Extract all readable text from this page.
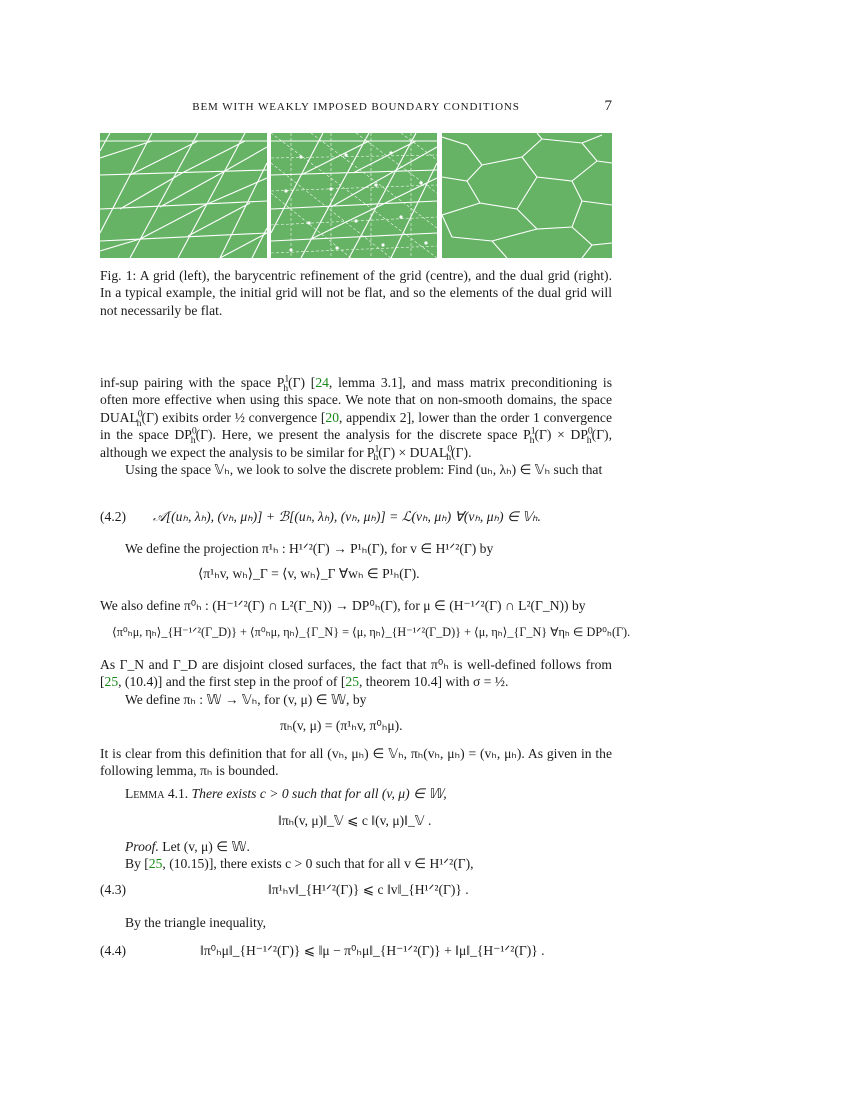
BEM WITH WEAKLY IMPOSED BOUNDARY CONDITIONS	7
Fig. 1: A grid (left), the barycentric refinement of the grid (centre), and the dual grid (right). In a typical example, the initial grid will not be flat, and so the elements of the dual grid will not necessarily be flat.

inf-sup pairing with the space $P^1_h(\Gamma)$ [24, lemma 3.1], and mass matrix preconditioning is often more effective when using this space. We note that on non-smooth domains, the space $DUAL^0_h(\Gamma)$ exibits order ½ convergence [20, appendix 2], lower than the order 1 convergence in the space $DP^0_h(\Gamma)$. Here, we present the analysis for the discrete space $P^1_h(\Gamma) \times DP^0_h(\Gamma)$, although we expect the analysis to be similar for $P^1_h(\Gamma)$ × $DUAL^0_h(\Gamma)$.

Using the space 𝕍ₕ, we look to solve the discrete problem: Find (uₕ, λₕ) ∈ 𝕍ₕ such that

(4.2) 𝒜[(uₕ, λₕ), (vₕ, μₕ)] + ℬ[(uₕ, λₕ), (vₕ, μₕ)] = ℒ(vₕ, μₕ) ∀(vₕ, μₕ) ∈ 𝕍ₕ.

We define the projection π¹ₕ : H¹ᐟ²(Γ) → P¹ₕ(Γ), for v ∈ H¹ᐟ²(Γ) by

⟨π¹ₕv, wₕ⟩_Γ = ⟨v, wₕ⟩_Γ ∀wₕ ∈ P¹ₕ(Γ).

We also define π⁰ₕ : (H⁻¹ᐟ²(Γ) ∩ L²(Γ_N)) → DP⁰ₕ(Γ), for μ ∈ (H⁻¹ᐟ²(Γ) ∩ L²(Γ_N)) by

⟨π⁰ₕμ, ηₕ⟩_{H⁻¹ᐟ²(Γ_D)} + ⟨π⁰ₕμ, ηₕ⟩_{Γ_N} = ⟨μ, ηₕ⟩_{H⁻¹ᐟ²(Γ_D)} + ⟨μ, ηₕ⟩_{Γ_N} ∀ηₕ ∈ DP⁰ₕ(Γ).

As Γ_N and Γ_D are disjoint closed surfaces, the fact that π⁰ₕ is well-defined follows from [25, (10.4)] and the first step in the proof of [25, theorem 10.4] with σ = ½.

We define πₕ : 𝕎 → 𝕍ₕ, for (v, μ) ∈ 𝕎, by

πₕ(v, μ) = (π¹ₕv, π⁰ₕμ).

It is clear from this definition that for all (vₕ, μₕ) ∈ 𝕍ₕ, πₕ(vₕ, μₕ) = (vₕ, μₕ). As given in the following lemma, πₕ is bounded.

Lemma 4.1. There exists c > 0 such that for all (v, μ) ∈ 𝕎,

‖πₕ(v, μ)‖_𝕍 ⩽ c ‖(v, μ)‖_𝕍 .

Proof. Let (v, μ) ∈ 𝕎.

By [25, (10.15)], there exists c > 0 such that for all v ∈ H¹ᐟ²(Γ),

(4.3)	‖π¹ₕv‖_{H¹ᐟ²(Γ)} ⩽ c ‖v‖_{H¹ᐟ²(Γ)} .

By the triangle inequality,

(4.4)	‖π⁰ₕμ‖_{H⁻¹ᐟ²(Γ)} ⩽ ‖μ − π⁰ₕμ‖_{H⁻¹ᐟ²(Γ)} + ‖μ‖_{H⁻¹ᐟ²(Γ)} .
